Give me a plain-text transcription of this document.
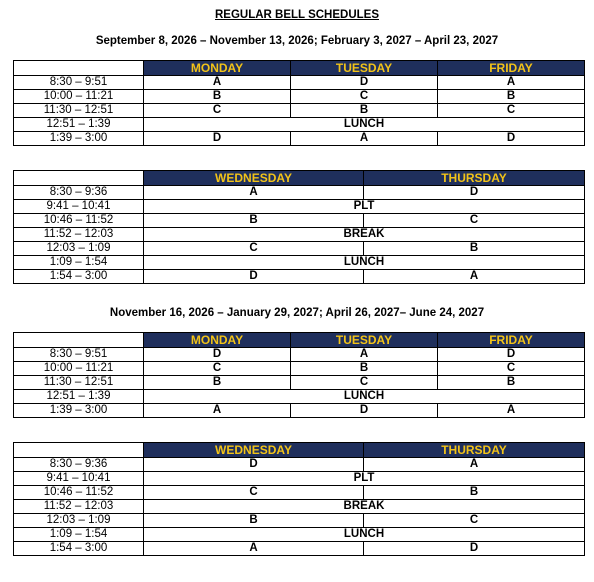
REGULAR BELL SCHEDULES
September 8, 2026 – November 13, 2026; February 3, 2027 – April 23, 2027
	MONDAY	TUESDAY	FRIDAY
8:30 – 9:51	A	D	A
10:00 – 11:21	B	C	B
11:30 – 12:51	C	B	C
12:51 – 1:39	LUNCH		
1:39 – 3:00	D	A	D
	WEDNESDAY	THURSDAY
8:30 – 9:36	A	D
9:41 – 10:41	PLT	
10:46 – 11:52	B	C
11:52 – 12:03	BREAK	
12:03 – 1:09	C	B
1:09 – 1:54	LUNCH	
1:54 – 3:00	D	A
November 16, 2026 – January 29, 2027; April 26, 2027– June 24, 2027
	MONDAY	TUESDAY	FRIDAY
8:30 – 9:51	D	A	D
10:00 – 11:21	C	B	C
11:30 – 12:51	B	C	B
12:51 – 1:39	LUNCH		
1:39 – 3:00	A	D	A
	WEDNESDAY	THURSDAY
8:30 – 9:36	D	A
9:41 – 10:41	PLT	
10:46 – 11:52	C	B
11:52 – 12:03	BREAK	
12:03 – 1:09	B	C
1:09 – 1:54	LUNCH	
1:54 – 3:00	A	D
